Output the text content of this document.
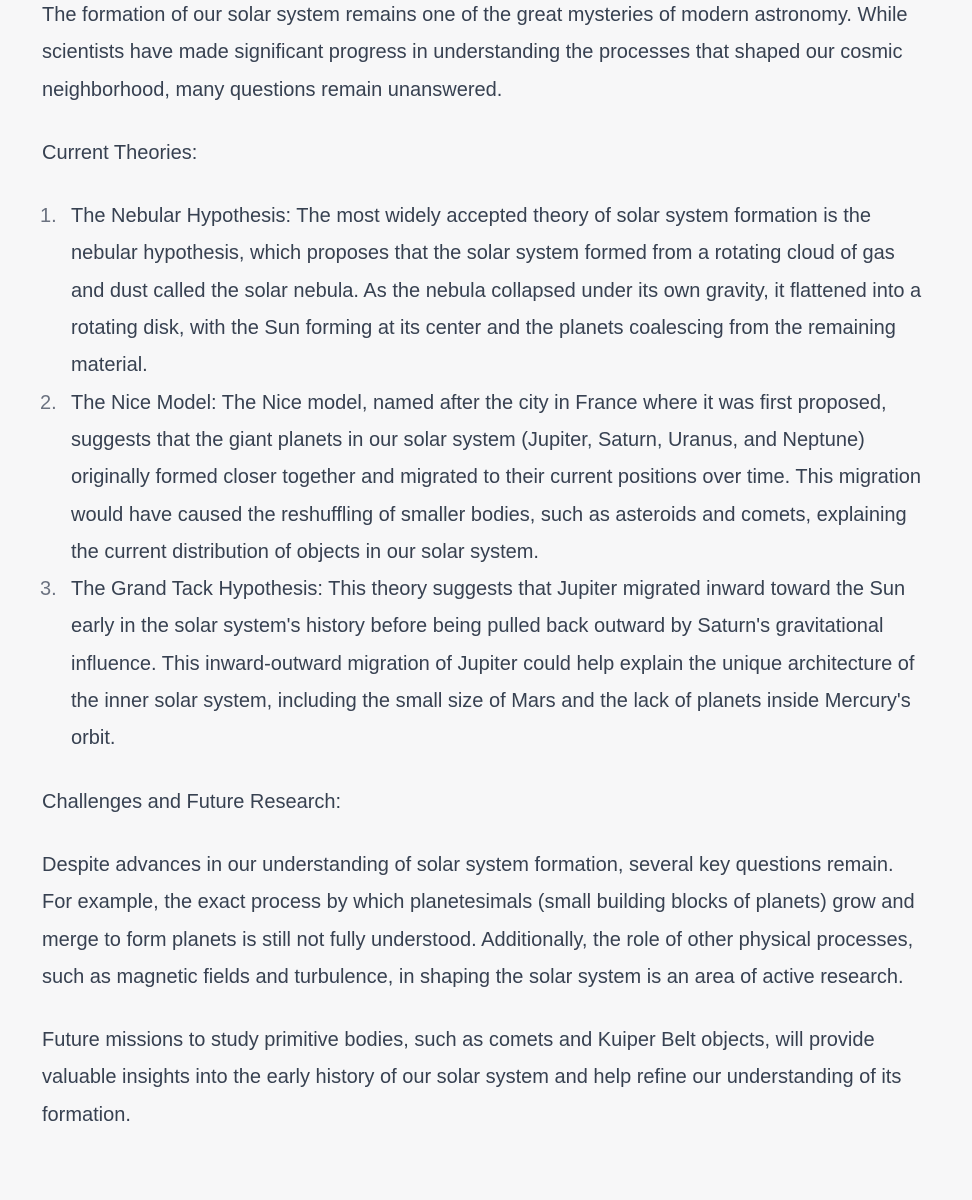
The formation of our solar system remains one of the great mysteries of modern astronomy. While scientists have made significant progress in understanding the processes that shaped our cosmic neighborhood, many questions remain unanswered.

Current Theories:

1. The Nebular Hypothesis: The most widely accepted theory of solar system formation is the nebular hypothesis, which proposes that the solar system formed from a rotating cloud of gas and dust called the solar nebula. As the nebula collapsed under its own gravity, it flattened into a rotating disk, with the Sun forming at its center and the planets coalescing from the remaining material.
2. The Nice Model: The Nice model, named after the city in France where it was first proposed, suggests that the giant planets in our solar system (Jupiter, Saturn, Uranus, and Neptune) originally formed closer together and migrated to their current positions over time. This migration would have caused the reshuffling of smaller bodies, such as asteroids and comets, explaining the current distribution of objects in our solar system.
3. The Grand Tack Hypothesis: This theory suggests that Jupiter migrated inward toward the Sun early in the solar system's history before being pulled back outward by Saturn's gravitational influence. This inward-outward migration of Jupiter could help explain the unique architecture of the inner solar system, including the small size of Mars and the lack of planets inside Mercury's orbit.

Challenges and Future Research:

Despite advances in our understanding of solar system formation, several key questions remain. For example, the exact process by which planetesimals (small building blocks of planets) grow and merge to form planets is still not fully understood. Additionally, the role of other physical processes, such as magnetic fields and turbulence, in shaping the solar system is an area of active research.

Future missions to study primitive bodies, such as comets and Kuiper Belt objects, will provide valuable insights into the early history of our solar system and help refine our understanding of its formation.
